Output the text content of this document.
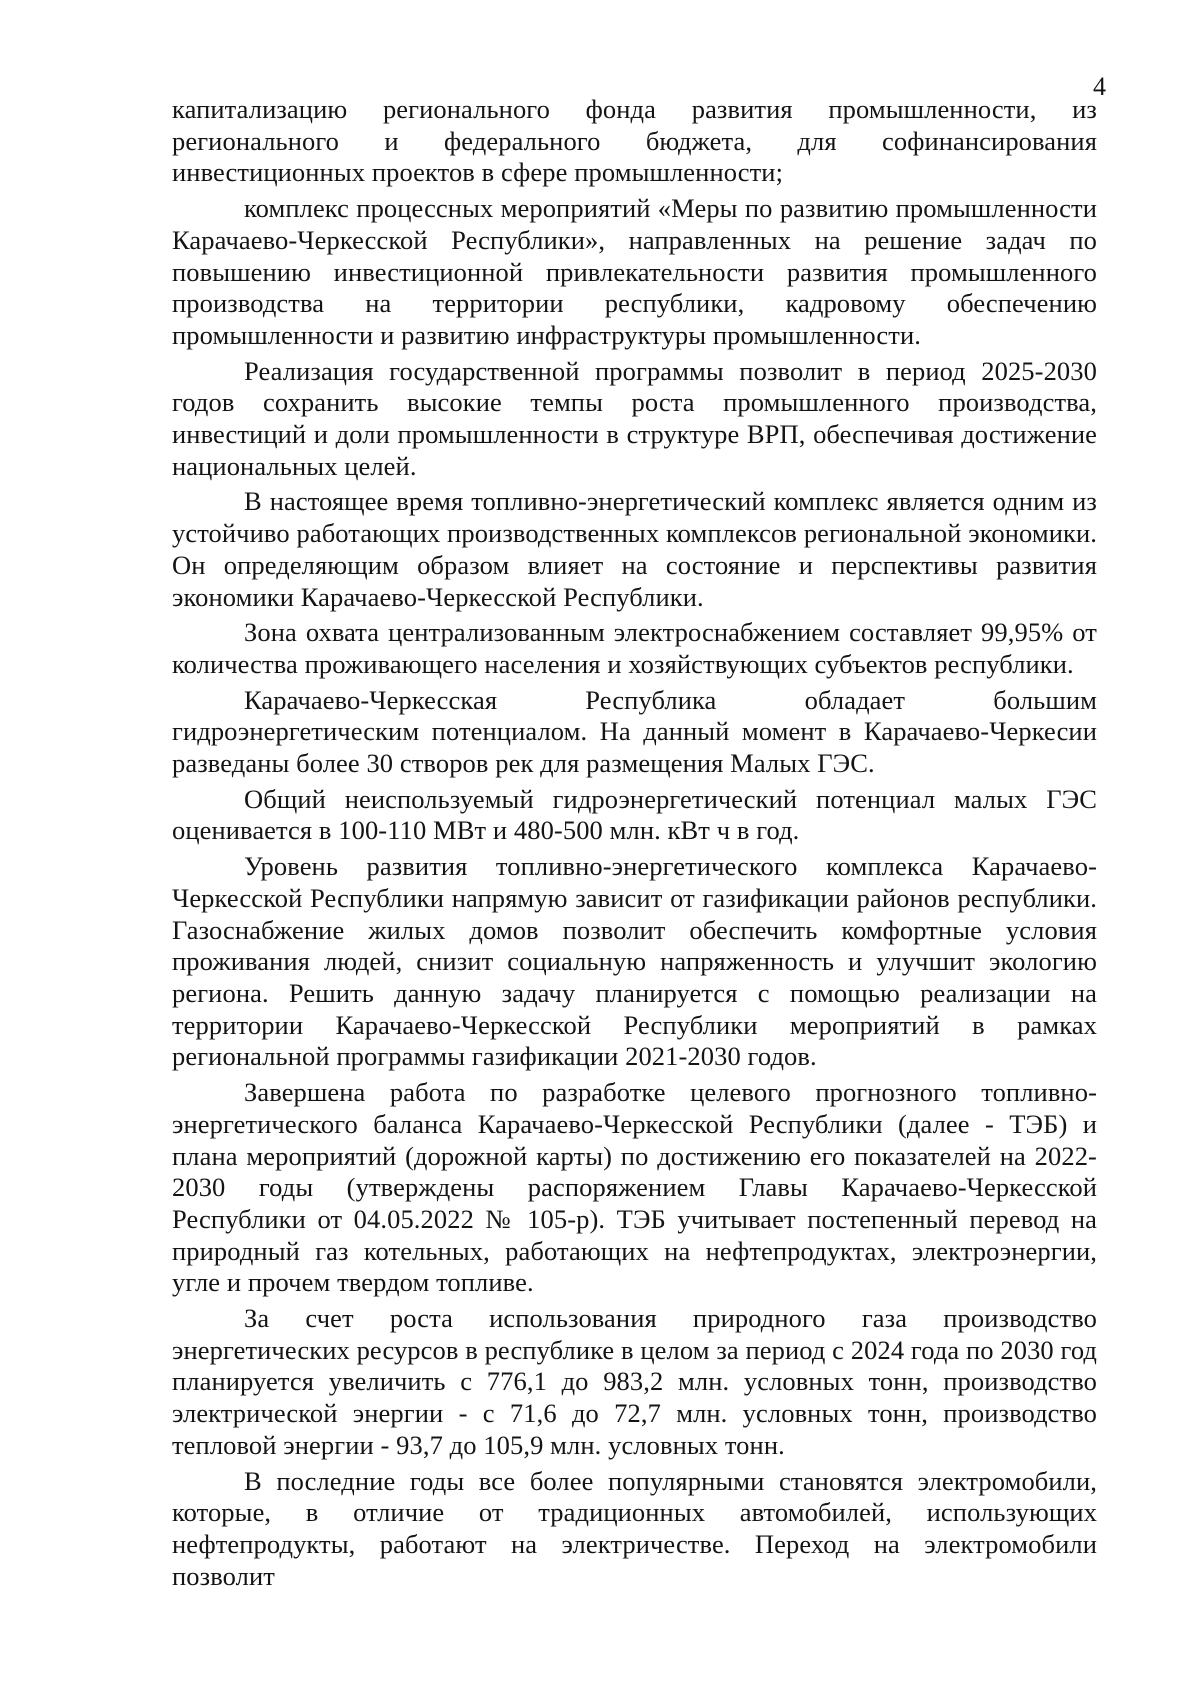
4

капитализацию регионального фонда развития промышленности, из регионального и федерального бюджета, для софинансирования инвестиционных проектов в сфере промышленности;

комплекс процессных мероприятий «Меры по развитию промышленности Карачаево-Черкесской Республики», направленных на решение задач по повышению инвестиционной привлекательности развития промышленного производства на территории республики, кадровому обеспечению промышленности и развитию инфраструктуры промышленности.

Реализация государственной программы позволит в период 2025-2030 годов сохранить высокие темпы роста промышленного производства, инвестиций и доли промышленности в структуре ВРП, обеспечивая достижение национальных целей.

В настоящее время топливно-энергетический комплекс является одним из устойчиво работающих производственных комплексов региональной экономики. Он определяющим образом влияет на состояние и перспективы развития экономики Карачаево-Черкесской Республики.

Зона охвата централизованным электроснабжением составляет 99,95% от количества проживающего населения и хозяйствующих субъектов республики.

Карачаево-Черкесская Республика обладает большим гидроэнергетическим потенциалом. На данный момент в Карачаево-Черкесии разведаны более 30 створов рек для размещения Малых ГЭС.

Общий неиспользуемый гидроэнергетический потенциал малых ГЭС оценивается в 100-110 МВт и 480-500 млн. кВт ч в год.

Уровень развития топливно-энергетического комплекса Карачаево-Черкесской Республики напрямую зависит от газификации районов республики. Газоснабжение жилых домов позволит обеспечить комфортные условия проживания людей, снизит социальную напряженность и улучшит экологию региона. Решить данную задачу планируется с помощью реализации на территории Карачаево-Черкесской Республики мероприятий в рамках региональной программы газификации 2021-2030 годов.

Завершена работа по разработке целевого прогнозного топливно-энергетического баланса Карачаево-Черкесской Республики (далее - ТЭБ) и плана мероприятий (дорожной карты) по достижению его показателей на 2022-2030 годы (утверждены распоряжением Главы Карачаево-Черкесской Республики от 04.05.2022 № 105-р). ТЭБ учитывает постепенный перевод на природный газ котельных, работающих на нефтепродуктах, электроэнергии, угле и прочем твердом топливе.

За счет роста использования природного газа производство энергетических ресурсов в республике в целом за период с 2024 года по 2030 год планируется увеличить с 776,1 до 983,2 млн. условных тонн, производство электрической энергии - с 71,6 до 72,7 млн. условных тонн, производство тепловой энергии - 93,7 до 105,9 млн. условных тонн.

В последние годы все более популярными становятся электромобили, которые, в отличие от традиционных автомобилей, использующих нефтепродукты, работают на электричестве. Переход на электромобили позволит
